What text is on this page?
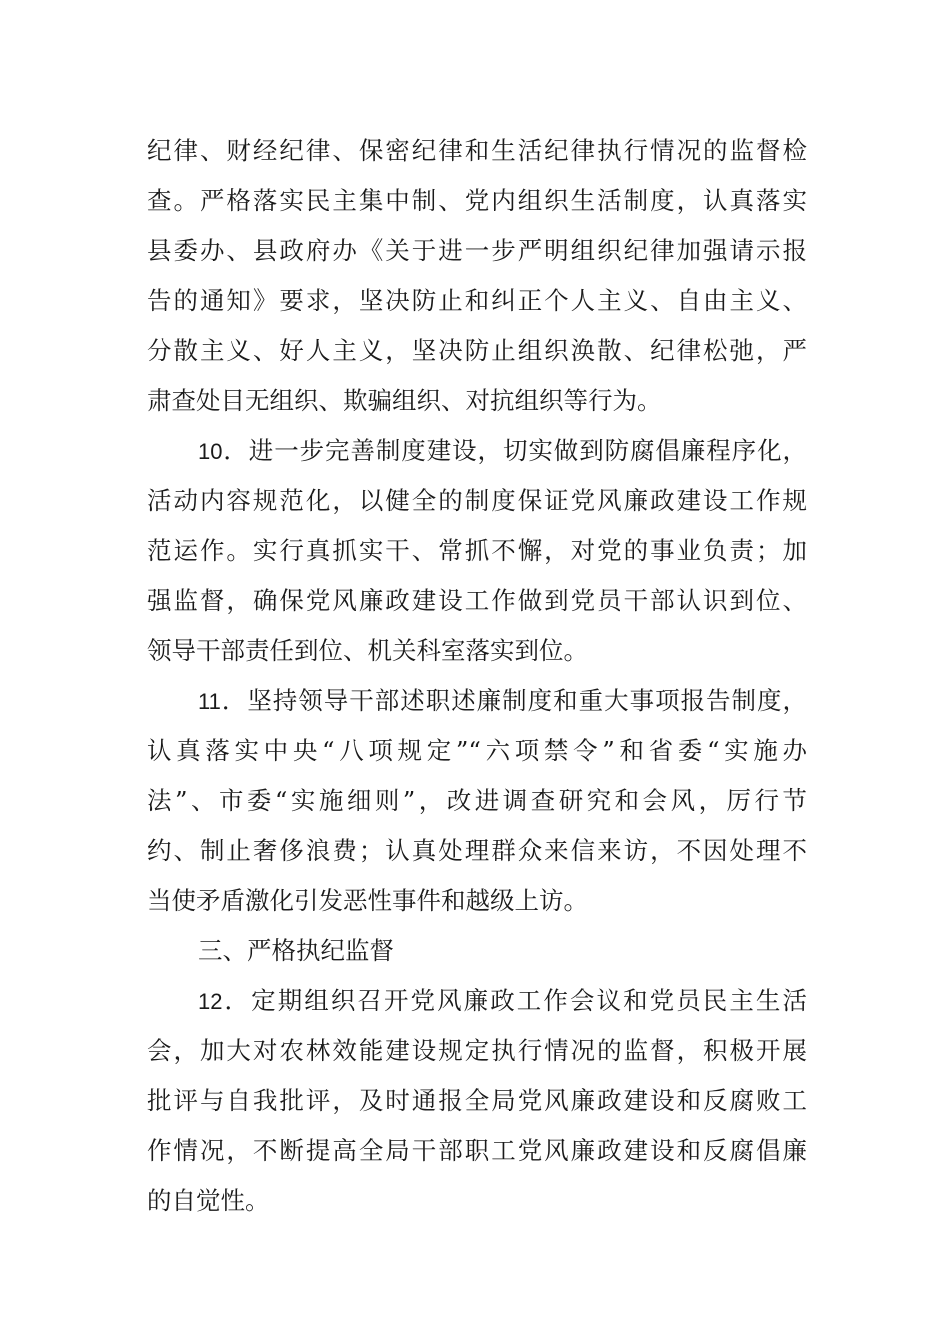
纪律、财经纪律、保密纪律和生活纪律执行情况的监督检
查。严格落实民主集中制、党内组织生活制度，认真落实
县委办、县政府办《关于进一步严明组织纪律加强请示报
告的通知》要求，坚决防止和纠正个人主义、自由主义、
分散主义、好人主义，坚决防止组织涣散、纪律松弛，严
肃查处目无组织、欺骗组织、对抗组织等行为。
10．进一步完善制度建设，切实做到防腐倡廉程序化，
活动内容规范化，以健全的制度保证党风廉政建设工作规
范运作。实行真抓实干、常抓不懈，对党的事业负责；加
强监督，确保党风廉政建设工作做到党员干部认识到位、
领导干部责任到位、机关科室落实到位。
11．坚持领导干部述职述廉制度和重大事项报告制度，
认真落实中央“八项规定”“六项禁令”和省委“实施办
法”、市委“实施细则”，改进调查研究和会风，厉行节
约、制止奢侈浪费；认真处理群众来信来访，不因处理不
当使矛盾激化引发恶性事件和越级上访。
三、严格执纪监督
12．定期组织召开党风廉政工作会议和党员民主生活
会，加大对农林效能建设规定执行情况的监督，积极开展
批评与自我批评，及时通报全局党风廉政建设和反腐败工
作情况，不断提高全局干部职工党风廉政建设和反腐倡廉
的自觉性。
